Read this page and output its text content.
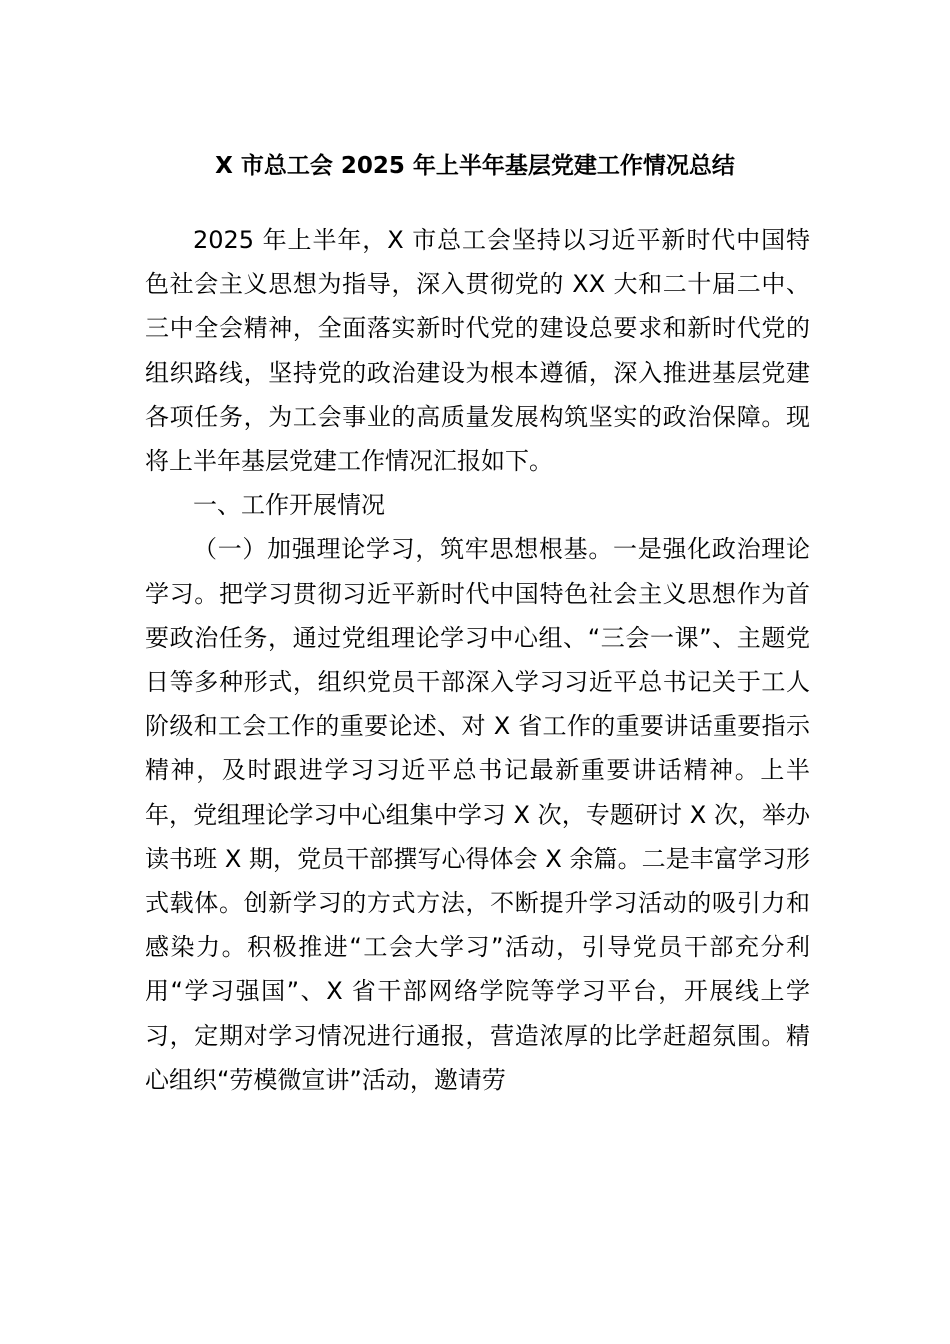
X 市总工会 2025 年上半年基层党建工作情况总结

2025 年上半年，X 市总工会坚持以习近平新时代中国特色社会主义思想为指导，深入贯彻党的 XX 大和二十届二中、三中全会精神，全面落实新时代党的建设总要求和新时代党的组织路线，坚持党的政治建设为根本遵循，深入推进基层党建各项任务，为工会事业的高质量发展构筑坚实的政治保障。现将上半年基层党建工作情况汇报如下。

一、工作开展情况

（一）加强理论学习，筑牢思想根基。一是强化政治理论学习。把学习贯彻习近平新时代中国特色社会主义思想作为首要政治任务，通过党组理论学习中心组、“三会一课”、主题党日等多种形式，组织党员干部深入学习习近平总书记关于工人阶级和工会工作的重要论述、对 X 省工作的重要讲话重要指示精神，及时跟进学习习近平总书记最新重要讲话精神。上半年，党组理论学习中心组集中学习 X 次，专题研讨 X 次，举办读书班 X 期，党员干部撰写心得体会 X 余篇。二是丰富学习形式载体。创新学习的方式方法，不断提升学习活动的吸引力和感染力。积极推进“工会大学习”活动，引导党员干部充分利用“学习强国”、X 省干部网络学院等学习平台，开展线上学习，定期对学习情况进行通报，营造浓厚的比学赶超氛围。精心组织“劳模微宣讲”活动，邀请劳
